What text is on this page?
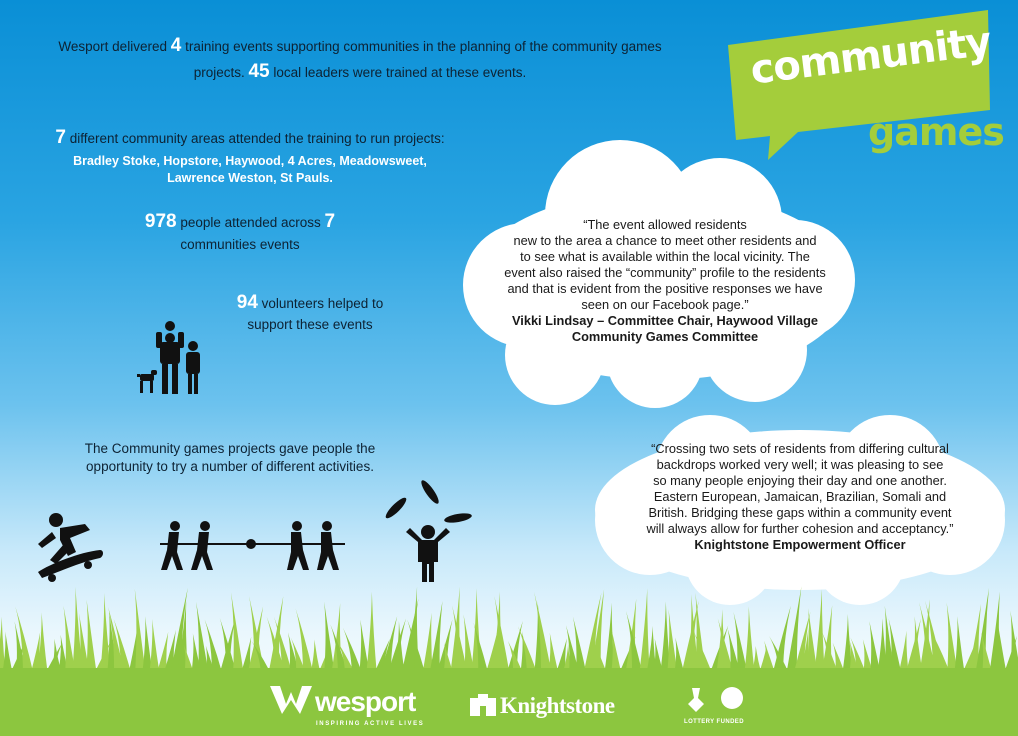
Wesport delivered 4 training events supporting communities in the planning of the community games
projects. 45 local leaders were trained at these events.
7 different community areas attended the training to run projects:
Bradley Stoke, Hopstore, Haywood, 4 Acres, Meadowsweet,
Lawrence Weston, St Pauls.
978 people attended across 7
communities events
94 volunteers helped to
support these events
The Community games projects gave people the
opportunity to try a number of different activities.
community
games
“The event allowed residents
new to the area a chance to meet other residents and
to see what is available within the local vicinity. The
event also raised the “community” profile to the residents
and that is evident from the positive responses we have
seen on our Facebook page.”
Vikki Lindsay – Committee Chair, Haywood Village
Community Games Committee
“Crossing two sets of residents from differing cultural
backdrops worked very well; it was pleasing to see
so many people enjoying their day and one another.
Eastern European, Jamaican, Brazilian, Somali and
British. Bridging these gaps within a community event
will always allow for further cohesion and acceptancy.”
Knightstone Empowerment Officer
wesport
INSPIRING ACTIVE LIVES
Knightstone
LOTTERY FUNDED
